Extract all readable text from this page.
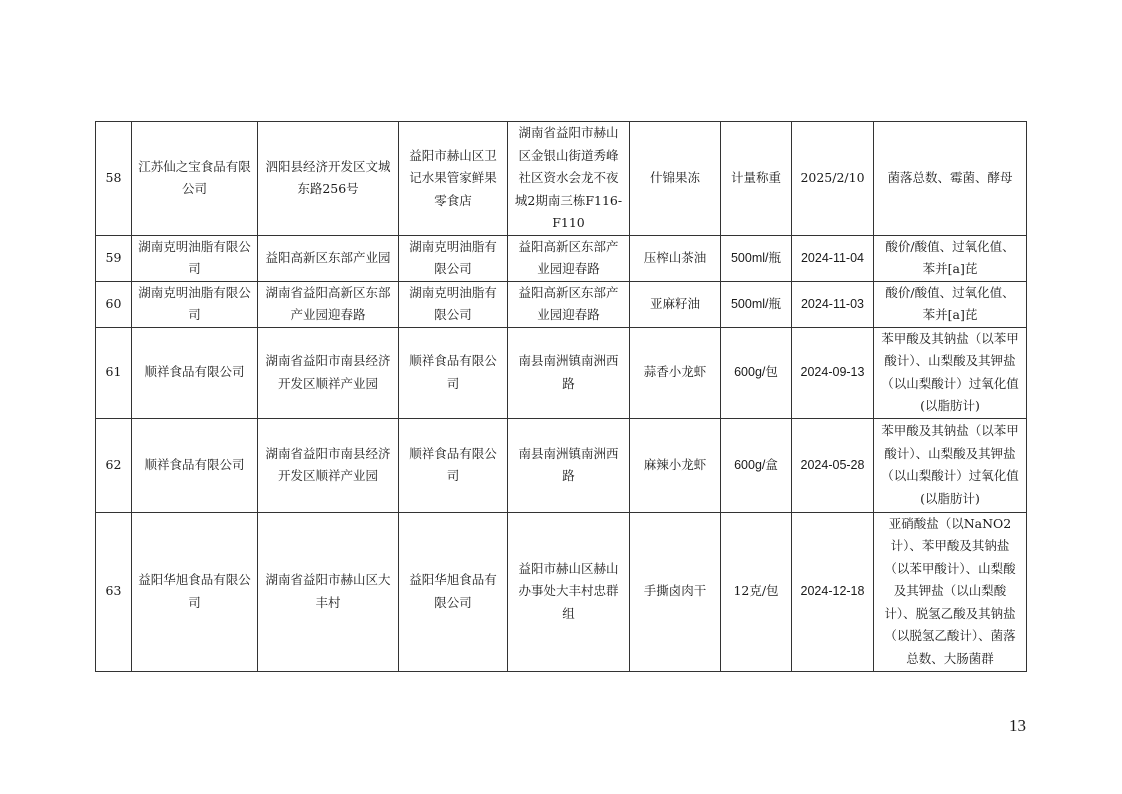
58	江苏仙之宝食品有限公司	泗阳县经济开发区文城东路256号	益阳市赫山区卫记水果管家鲜果零食店	湖南省益阳市赫山区金银山街道秀峰社区资水会龙不夜城2期南三栋F116-F110	什锦果冻	计量称重	2025/2/10	菌落总数、霉菌、酵母
59	湖南克明油脂有限公司	益阳高新区东部产业园	湖南克明油脂有限公司	益阳高新区东部产业园迎春路	压榨山茶油	500ml/瓶	2024-11-04	酸价/酸值、过氧化值、苯并[a]芘
60	湖南克明油脂有限公司	湖南省益阳高新区东部产业园迎春路	湖南克明油脂有限公司	益阳高新区东部产业园迎春路	亚麻籽油	500ml/瓶	2024-11-03	酸价/酸值、过氧化值、苯并[a]芘
61	顺祥食品有限公司	湖南省益阳市南县经济开发区顺祥产业园	顺祥食品有限公司	南县南洲镇南洲西路	蒜香小龙虾	600g/包	2024-09-13	苯甲酸及其钠盐（以苯甲酸计）、山梨酸及其钾盐（以山梨酸计）过氧化值(以脂肪计)
62	顺祥食品有限公司	湖南省益阳市南县经济开发区顺祥产业园	顺祥食品有限公司	南县南洲镇南洲西路	麻辣小龙虾	600g/盒	2024-05-28	苯甲酸及其钠盐（以苯甲酸计）、山梨酸及其钾盐（以山梨酸计）过氧化值(以脂肪计)
63	益阳华旭食品有限公司	湖南省益阳市赫山区大丰村	益阳华旭食品有限公司	益阳市赫山区赫山办事处大丰村忠群组	手撕卤肉干	12克/包	2024-12-18	亚硝酸盐（以NaNO2计）、苯甲酸及其钠盐（以苯甲酸计）、山梨酸及其钾盐（以山梨酸计）、脱氢乙酸及其钠盐（以脱氢乙酸计）、菌落总数、大肠菌群
13
